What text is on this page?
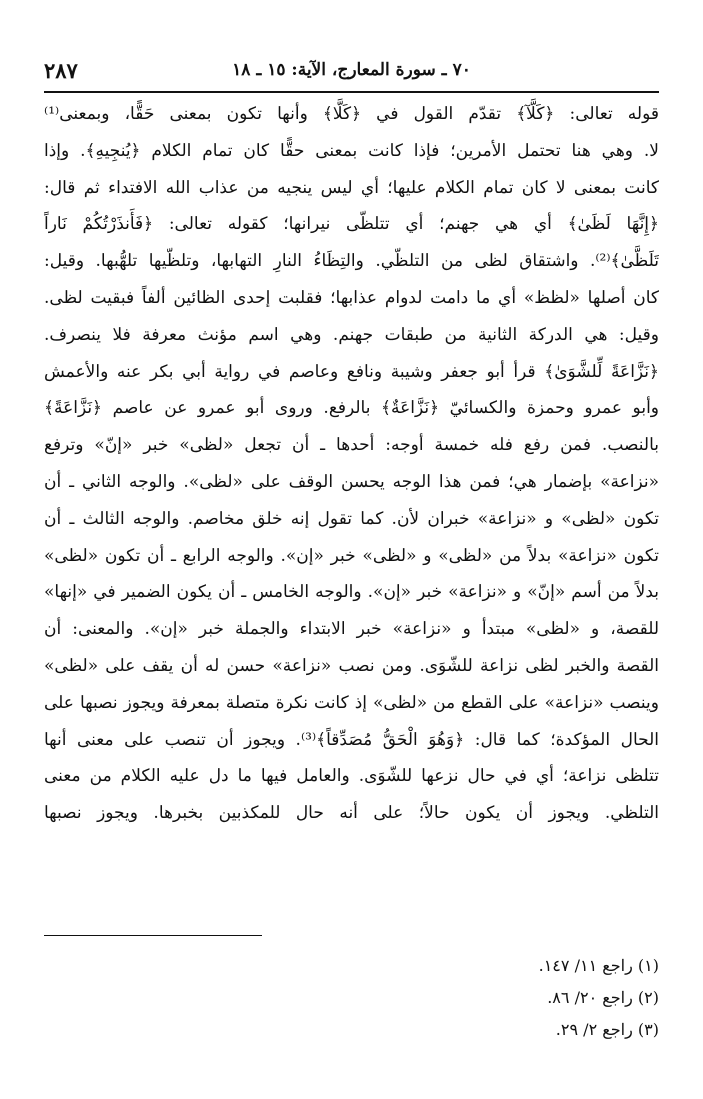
٧٠ ـ سورة المعارج، الآية: ١٥ ـ ١٨
٢٨٧
قوله تعالى: ﴿كَلَّآ﴾ تقدّم القول في ﴿كَلَّا﴾ وأنها تكون بمعنى حَقًّا، وبمعنى⁽¹⁾
لا. وهي هنا تحتمل الأمرين؛ فإذا كانت بمعنى حقًّا كان تمام الكلام ﴿يُنجِيهِ﴾. وإذا
كانت بمعنى لا كان تمام الكلام عليها؛ أي ليس ينجيه من عذاب الله الافتداء ثم قال:
﴿إِنَّهَا لَظَىٰ﴾ أي هي جهنم؛ أي تتلظّى نيرانها؛ كقوله تعالى: ﴿فَأَنذَرْتُكُمْ نَاراً
تَلَظَّىٰ﴾⁽²⁾. واشتقاق لظى من التلظّي. والتِظَاءُ النارِ التهابها، وتلظّيها تلهُّبها. وقيل:
كان أصلها «لظظ» أي ما دامت لدوام عذابها؛ فقلبت إحدى الظائين ألفاً فبقيت لظى.
وقيل: هي الدركة الثانية من طبقات جهنم. وهي اسم مؤنث معرفة فلا ينصرف.
﴿نَزَّاعَةً لِّلشَّوَىٰ﴾ قرأ أبو جعفر وشيبة ونافع وعاصم في رواية أبي بكر عنه والأعمش
وأبو عمرو وحمزة والكسائيّ ﴿نَزَّاعَةٌ﴾ بالرفع. وروى أبو عمرو عن عاصم ﴿نَزَّاعَةً﴾
بالنصب. فمن رفع فله خمسة أوجه: أحدها ـ أن تجعل «لظى» خبر «إنّ» وترفع
«نزاعة» بإضمار هي؛ فمن هذا الوجه يحسن الوقف على «لظى». والوجه الثاني ـ أن
تكون «لظى» و «نزاعة» خبران لأن. كما تقول إنه خلق مخاصم. والوجه الثالث ـ أن
تكون «نزاعة» بدلاً من «لظى» و «لظى» خبر «إن». والوجه الرابع ـ أن تكون «لظى»
بدلاً من أسم «إنّ» و «نزاعة» خبر «إن». والوجه الخامس ـ أن يكون الضمير في «إنها»
للقصة، و «لظى» مبتدأ و «نزاعة» خبر الابتداء والجملة خبر «إن». والمعنى: أن
القصة والخبر لظى نزاعة للشّوَى. ومن نصب «نزاعة» حسن له أن يقف على «لظى»
وينصب «نزاعة» على القطع من «لظى» إذ كانت نكرة متصلة بمعرفة ويجوز نصبها على
الحال المؤكدة؛ كما قال: ﴿وَهُوَ الْحَقُّ مُصَدِّقاً﴾⁽³⁾. ويجوز أن تنصب على معنى أنها
تتلظى نزاعة؛ أي في حال نزعها للشّوَى. والعامل فيها ما دل عليه الكلام من معنى
التلظي. ويجوز أن يكون حالاً؛ على أنه حال للمكذبين بخبرها. ويجوز نصبها
(١) راجع ١١/ ١٤٧.
(٢) راجع ٢٠/ ٨٦.
(٣) راجع ٢/ ٢٩.
